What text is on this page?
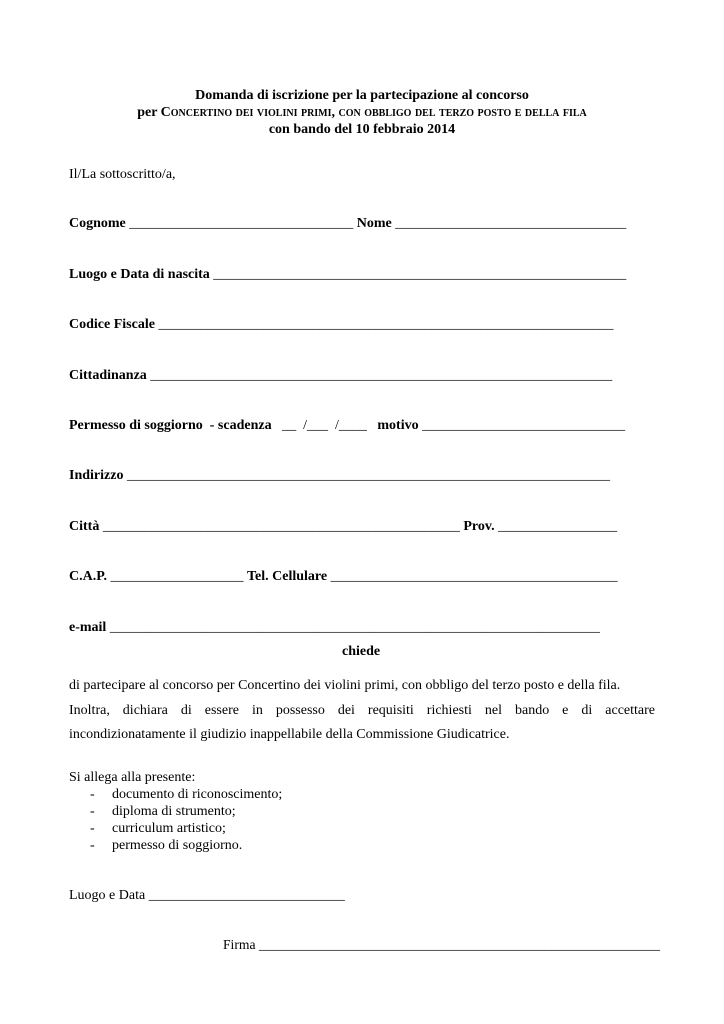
Domanda di iscrizione per la partecipazione al concorso
per Concertino dei violini primi, con obbligo del terzo posto e della fila
con bando del 10 febbraio 2014
Il/La sottoscritto/a,
Cognome ________________________________ Nome _________________________________
Luogo e Data di nascita ___________________________________________________________
Codice Fiscale _________________________________________________________________
Cittadinanza __________________________________________________________________
Permesso di soggiorno  - scadenza __  /___  /____ motivo _____________________________
Indirizzo _____________________________________________________________________
Città ___________________________________________________ Prov. _________________
C.A.P. ___________________ Tel. Cellulare _________________________________________
e-mail ______________________________________________________________________
chiede
di partecipare al concorso per Concertino dei violini primi, con obbligo del terzo posto e della fila.
Inoltra, dichiara di essere in possesso dei requisiti richiesti nel bando e di accettare
incondizionatamente il giudizio inappellabile della Commissione Giudicatrice.
Si allega alla presente:
- documento di riconoscimento;
- diploma di strumento;
- curriculum artistico;
- permesso di soggiorno.
Luogo e Data ____________________________
Firma ___________________________________________________________
